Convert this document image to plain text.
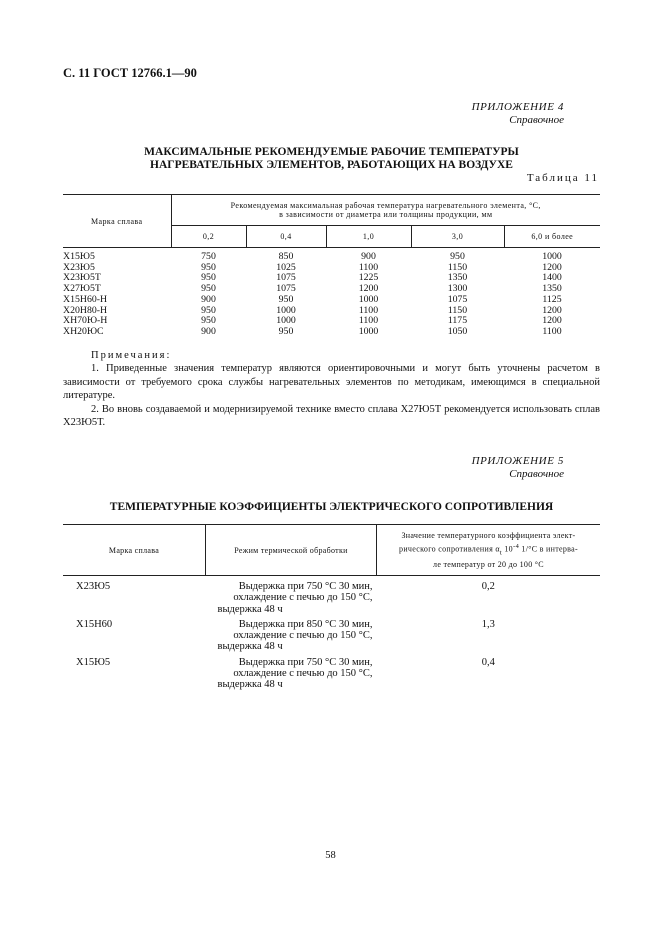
С. 11 ГОСТ 12766.1—90
ПРИЛОЖЕНИЕ 4
Справочное
МАКСИМАЛЬНЫЕ РЕКОМЕНДУЕМЫЕ РАБОЧИЕ ТЕМПЕРАТУРЫ
НАГРЕВАТЕЛЬНЫХ ЭЛЕМЕНТОВ, РАБОТАЮЩИХ НА ВОЗДУХЕ
Таблица 11
Марка сплава	Рекомендуемая максимальная рабочая температура нагревательного элемента, °С,
в зависимости от диаметра или толщины продукции, мм				

	0,2	0,4	1,0	3,0	6,0 и более
Х15Ю5	750	850	900	950	1000
Х23Ю5	950	1025	1100	1150	1200
Х23Ю5Т	950	1075	1225	1350	1400
Х27Ю5Т	950	1075	1200	1300	1350
Х15Н60-Н	900	950	1000	1075	1125
Х20Н80-Н	950	1000	1100	1150	1200
ХН70Ю-Н	950	1000	1100	1175	1200
ХН20ЮС	900	950	1000	1050	1100
Примечания:

1. Приведенные значения температур являются ориентировочными и могут быть уточнены расчетом в зависимости от требуемого срока службы нагревательных элементов по методикам, имеющимся в специальной литературе.

2. Во вновь создаваемой и модернизируемой технике вместо сплава Х27Ю5Т рекомендуется использовать сплав Х23Ю5Т.

ПРИЛОЖЕНИЕ 5
Справочное
ТЕМПЕРАТУРНЫЕ КОЭФФИЦИЕНТЫ ЭЛЕКТРИЧЕСКОГО СОПРОТИВЛЕНИЯ
Марка сплава	Режим термической обработки	Значение температурного коэффициента элект-
рического сопротивления $\alpha_t$ $10^{-4}$ 1/°С в интерва-
ле температур от 20 до 100 °С

Х23Ю5	Выдержка при 750 °С 30 мин,
охлаждение с печью до 150 °С,
выдержка 48 ч	0,2
Х15Н60	Выдержка при 850 °С 30 мин,
охлаждение с печью до 150 °С,
выдержка 48 ч	1,3
Х15Ю5	Выдержка при 750 °С 30 мин,
охлаждение с печью до 150 °С,
выдержка 48 ч	0,4
58
